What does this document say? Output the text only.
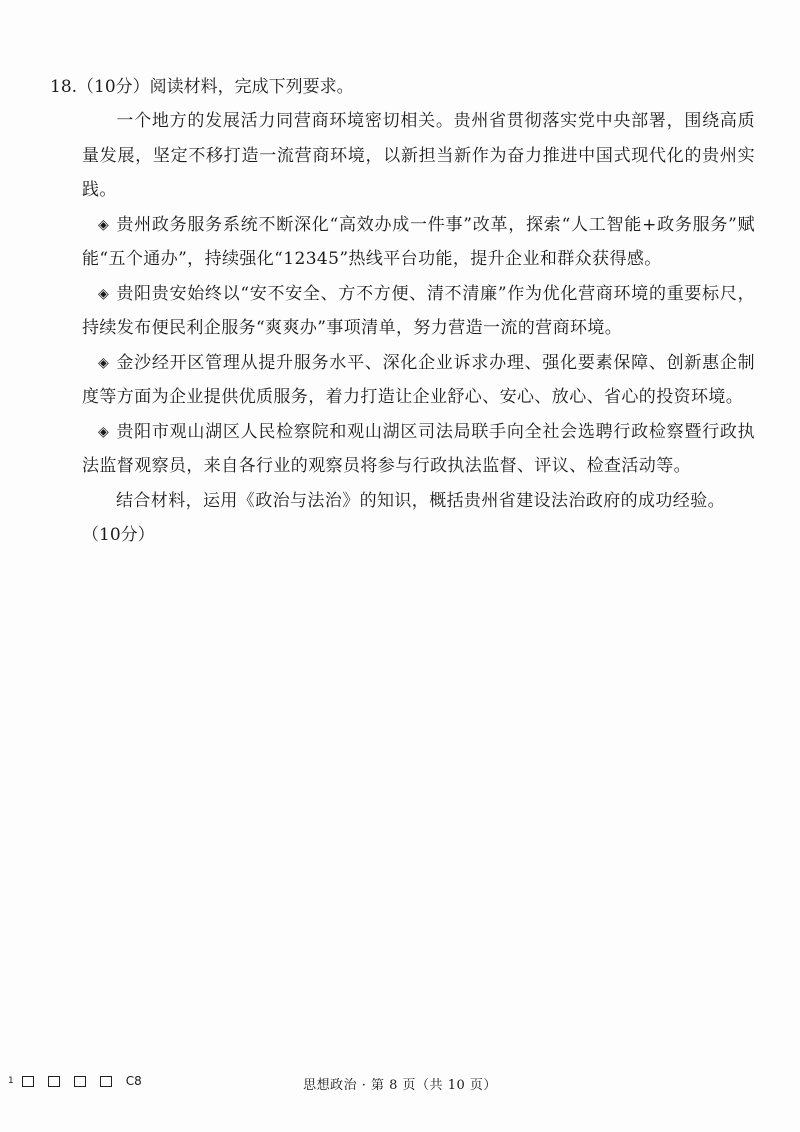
18.（10分）阅读材料，完成下列要求。

一个地方的发展活力同营商环境密切相关。贵州省贯彻落实党中央部署，围绕高质量发展，坚定不移打造一流营商环境，以新担当新作为奋力推进中国式现代化的贵州实践。

◈ 贵州政务服务系统不断深化“高效办成一件事”改革，探索“人工智能+政务服务”赋能“五个通办”，持续强化“12345”热线平台功能，提升企业和群众获得感。

◈ 贵阳贵安始终以“安不安全、方不方便、清不清廉”作为优化营商环境的重要标尺，持续发布便民利企服务“爽爽办”事项清单，努力营造一流的营商环境。

◈ 金沙经开区管理从提升服务水平、深化企业诉求办理、强化要素保障、创新惠企制度等方面为企业提供优质服务，着力打造让企业舒心、安心、放心、省心的投资环境。

◈ 贵阳市观山湖区人民检察院和观山湖区司法局联手向全社会选聘行政检察暨行政执法监督观察员，来自各行业的观察员将参与行政执法监督、评议、检查活动等。

结合材料，运用《政治与法治》的知识，概括贵州省建设法治政府的成功经验。

（10分）

1	C8	思想政治 · 第 8 页（共 10 页）
